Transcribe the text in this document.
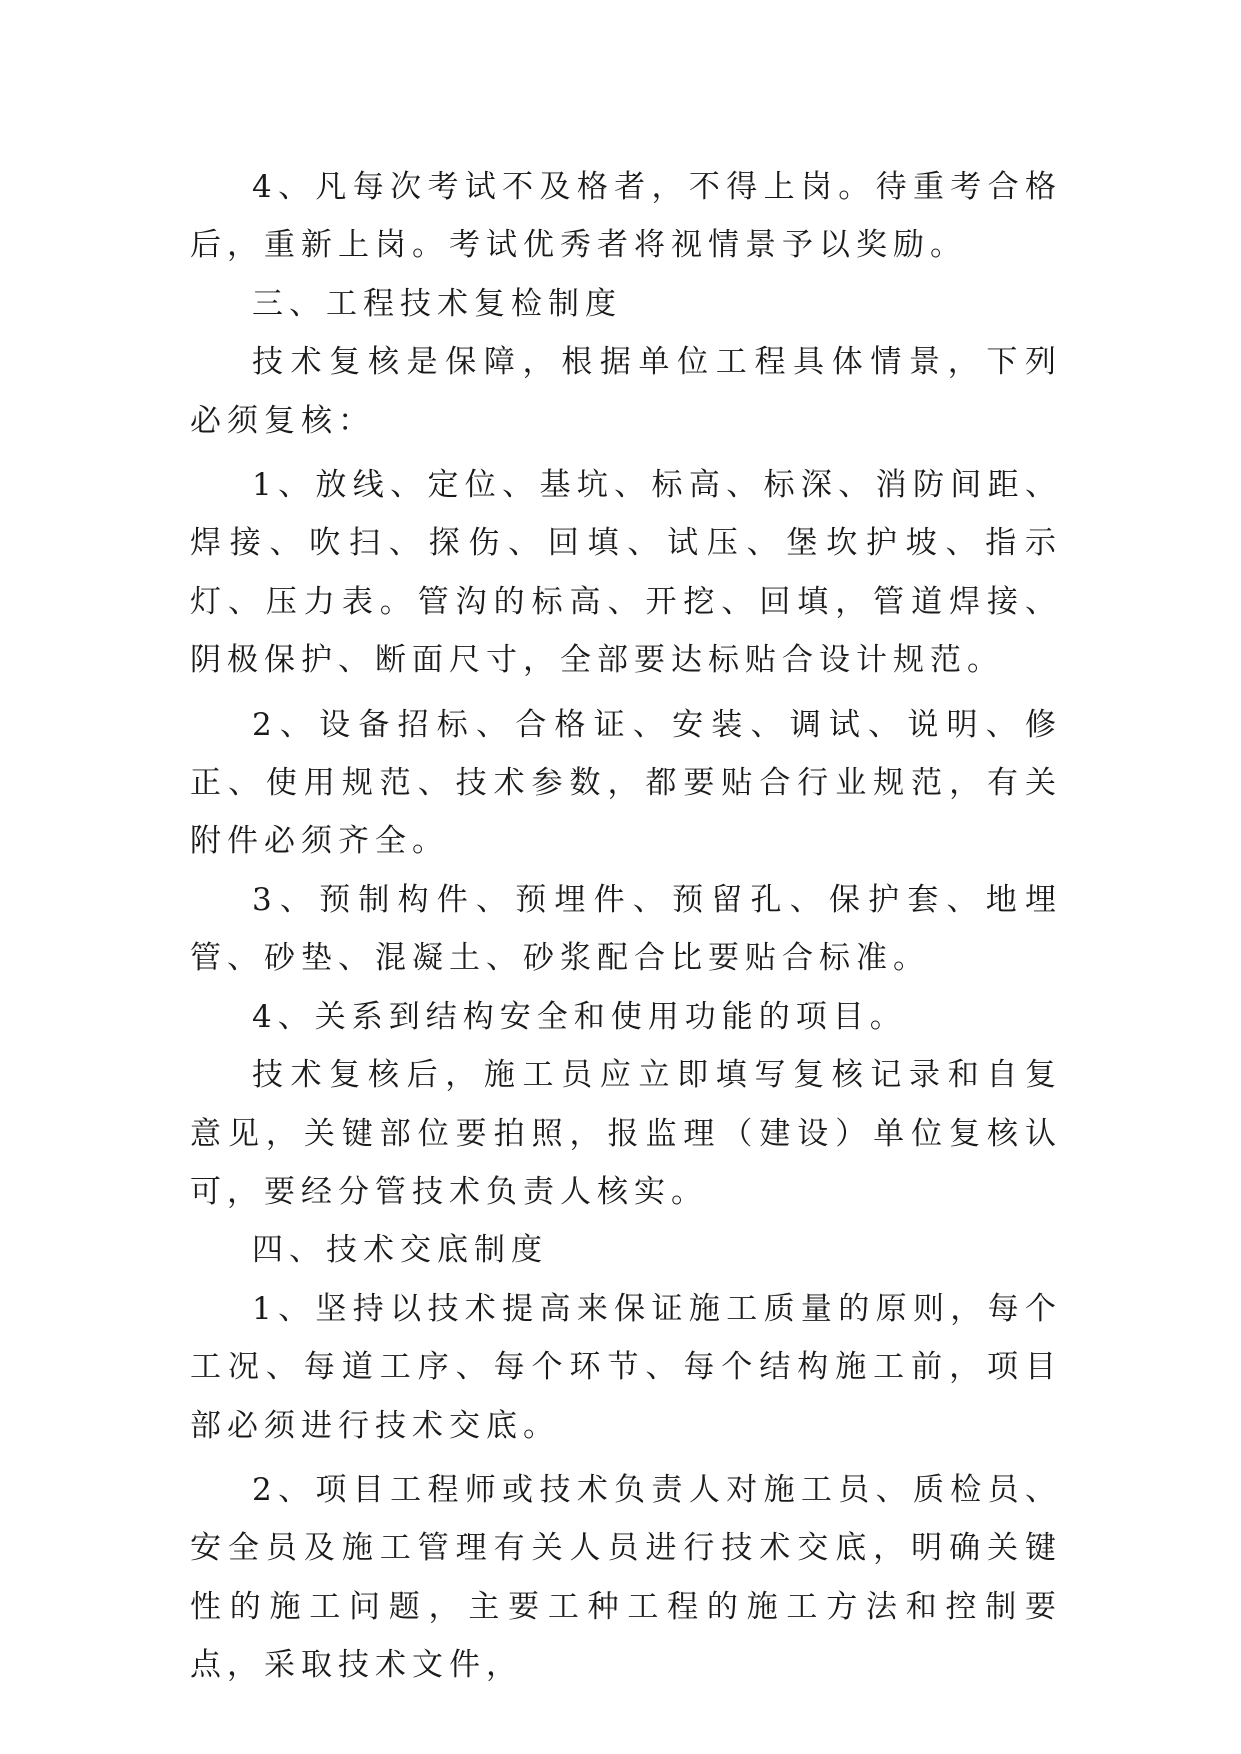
4、凡每次考试不及格者，不得上岗。待重考合格后，重新上岗。考试优秀者将视情景予以奖励。

三、工程技术复检制度

技术复核是保障，根据单位工程具体情景，下列必须复核：

1、放线、定位、基坑、标高、标深、消防间距、焊接、吹扫、探伤、回填、试压、堡坎护坡、指示灯、压力表。管沟的标高、开挖、回填，管道焊接、阴极保护、断面尺寸，全部要达标贴合设计规范。

2、设备招标、合格证、安装、调试、说明、修正、使用规范、技术参数，都要贴合行业规范，有关附件必须齐全。

3、预制构件、预埋件、预留孔、保护套、地埋管、砂垫、混凝土、砂浆配合比要贴合标准。

4、关系到结构安全和使用功能的项目。

技术复核后，施工员应立即填写复核记录和自复意见，关键部位要拍照，报监理（建设）单位复核认可，要经分管技术负责人核实。

四、技术交底制度

1、坚持以技术提高来保证施工质量的原则，每个工况、每道工序、每个环节、每个结构施工前，项目部必须进行技术交底。

2、项目工程师或技术负责人对施工员、质检员、安全员及施工管理有关人员进行技术交底，明确关键性的施工问题，主要工种工程的施工方法和控制要点，采取技术文件，
